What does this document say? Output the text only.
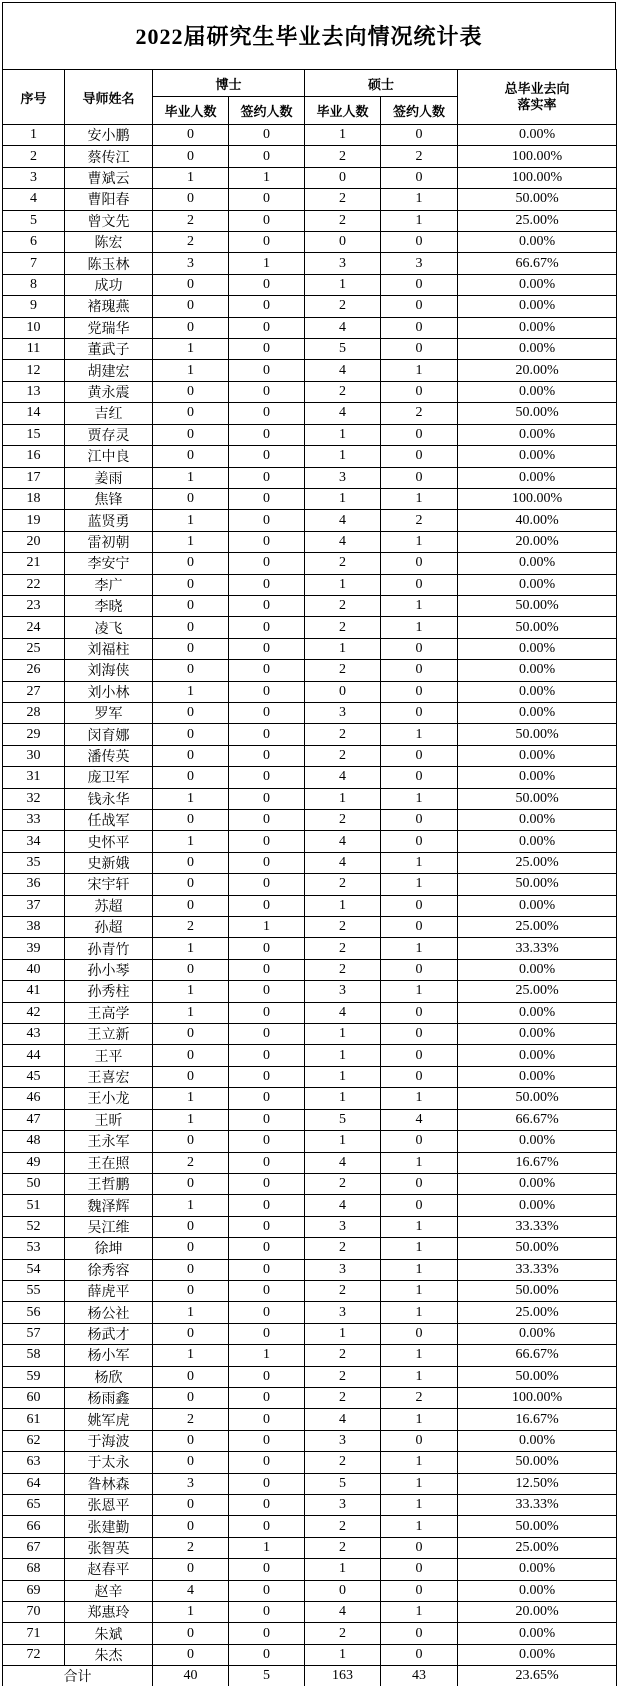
2022届研究生毕业去向情况统计表
序号	导师姓名	博士		硕士		总毕业去向
落实率
		毕业人数	签约人数	毕业人数	签约人数	
1	安小鹏	0	0	1	0	0.00%
2	蔡传江	0	0	2	2	100.00%
3	曹斌云	1	1	0	0	100.00%
4	曹阳春	0	0	2	1	50.00%
5	曾文先	2	0	2	1	25.00%
6	陈宏	2	0	0	0	0.00%
7	陈玉林	3	1	3	3	66.67%
8	成功	0	0	1	0	0.00%
9	褚瑰燕	0	0	2	0	0.00%
10	党瑞华	0	0	4	0	0.00%
11	董武子	1	0	5	0	0.00%
12	胡建宏	1	0	4	1	20.00%
13	黄永震	0	0	2	0	0.00%
14	吉红	0	0	4	2	50.00%
15	贾存灵	0	0	1	0	0.00%
16	江中良	0	0	1	0	0.00%
17	姜雨	1	0	3	0	0.00%
18	焦锋	0	0	1	1	100.00%
19	蓝贤勇	1	0	4	2	40.00%
20	雷初朝	1	0	4	1	20.00%
21	李安宁	0	0	2	0	0.00%
22	李广	0	0	1	0	0.00%
23	李晓	0	0	2	1	50.00%
24	凌飞	0	0	2	1	50.00%
25	刘福柱	0	0	1	0	0.00%
26	刘海侠	0	0	2	0	0.00%
27	刘小林	1	0	0	0	0.00%
28	罗军	0	0	3	0	0.00%
29	闵育娜	0	0	2	1	50.00%
30	潘传英	0	0	2	0	0.00%
31	庞卫军	0	0	4	0	0.00%
32	钱永华	1	0	1	1	50.00%
33	任战军	0	0	2	0	0.00%
34	史怀平	1	0	4	0	0.00%
35	史新娥	0	0	4	1	25.00%
36	宋宇轩	0	0	2	1	50.00%
37	苏超	0	0	1	0	0.00%
38	孙超	2	1	2	0	25.00%
39	孙青竹	1	0	2	1	33.33%
40	孙小琴	0	0	2	0	0.00%
41	孙秀柱	1	0	3	1	25.00%
42	王高学	1	0	4	0	0.00%
43	王立新	0	0	1	0	0.00%
44	王平	0	0	1	0	0.00%
45	王喜宏	0	0	1	0	0.00%
46	王小龙	1	0	1	1	50.00%
47	王昕	1	0	5	4	66.67%
48	王永军	0	0	1	0	0.00%
49	王在照	2	0	4	1	16.67%
50	王哲鹏	0	0	2	0	0.00%
51	魏泽辉	1	0	4	0	0.00%
52	吴江维	0	0	3	1	33.33%
53	徐坤	0	0	2	1	50.00%
54	徐秀容	0	0	3	1	33.33%
55	薛虎平	0	0	2	1	50.00%
56	杨公社	1	0	3	1	25.00%
57	杨武才	0	0	1	0	0.00%
58	杨小军	1	1	2	1	66.67%
59	杨欣	0	0	2	1	50.00%
60	杨雨鑫	0	0	2	2	100.00%
61	姚军虎	2	0	4	1	16.67%
62	于海波	0	0	3	0	0.00%
63	于太永	0	0	2	1	50.00%
64	昝林森	3	0	5	1	12.50%
65	张恩平	0	0	3	1	33.33%
66	张建勤	0	0	2	1	50.00%
67	张智英	2	1	2	0	25.00%
68	赵春平	0	0	1	0	0.00%
69	赵辛	4	0	0	0	0.00%
70	郑惠玲	1	0	4	1	20.00%
71	朱斌	0	0	2	0	0.00%
72	朱杰	0	0	1	0	0.00%
合计		40	5	163	43	23.65%
